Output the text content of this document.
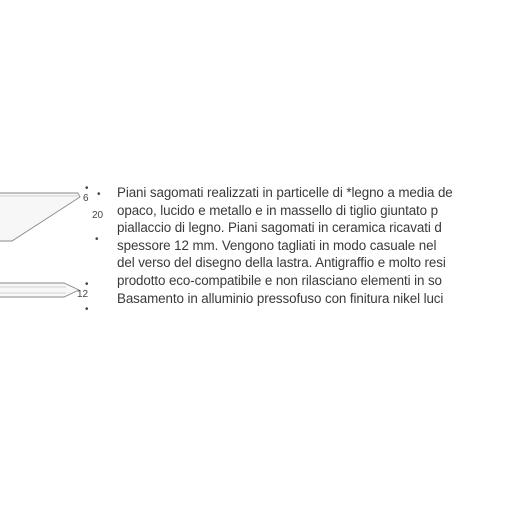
6
20
12
•
•
•
•
•
Piani sagomati realizzati in particelle di *legno a media de
opaco, lucido e metallo e in massello di tiglio giuntato p
piallaccio di legno. Piani sagomati in ceramica ricavati d
spessore 12 mm. Vengono tagliati in modo casuale nel
del verso del disegno della lastra. Antigraffio e molto resi
prodotto eco-compatibile e non rilasciano elementi in so
Basamento in alluminio pressofuso con finitura nikel luci
